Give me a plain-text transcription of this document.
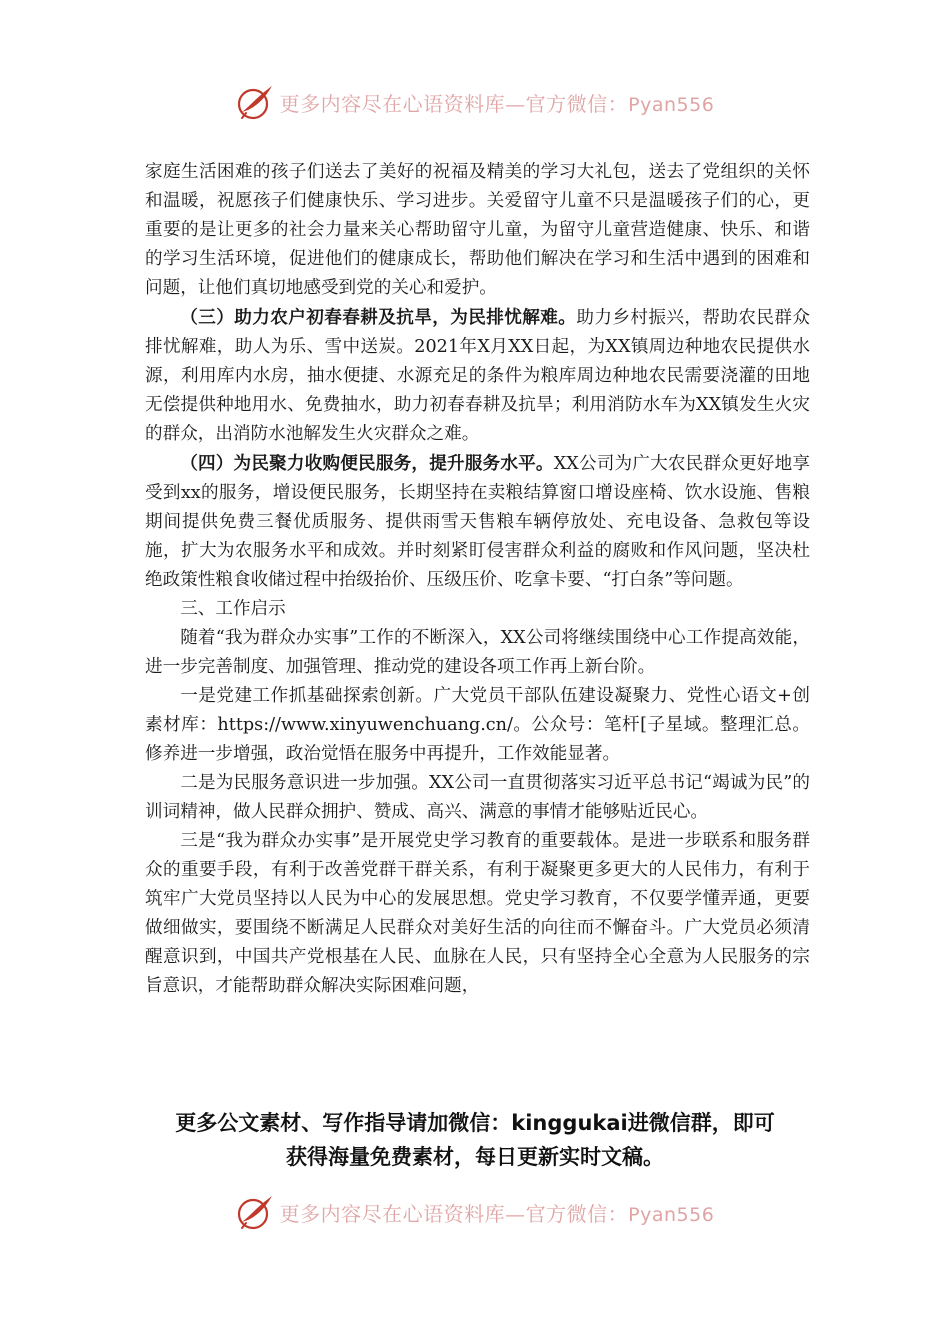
更多内容尽在心语资料库—官方微信：Pyan556

家庭生活困难的孩子们送去了美好的祝福及精美的学习大礼包，送去了党组织的关怀和温暖，祝愿孩子们健康快乐、学习进步。关爱留守儿童不只是温暖孩子们的心，更重要的是让更多的社会力量来关心帮助留守儿童，为留守儿童营造健康、快乐、和谐的学习生活环境，促进他们的健康成长，帮助他们解决在学习和生活中遇到的困难和问题，让他们真切地感受到党的关心和爱护。

（三）助力农户初春春耕及抗旱，为民排忧解难。助力乡村振兴，帮助农民群众排忧解难，助人为乐、雪中送炭。2021年X月XX日起，为XX镇周边种地农民提供水源，利用库内水房，抽水便捷、水源充足的条件为粮库周边种地农民需要浇灌的田地无偿提供种地用水、免费抽水，助力初春春耕及抗旱；利用消防水车为XX镇发生火灾的群众，出消防水池解发生火灾群众之难。

（四）为民聚力收购便民服务，提升服务水平。XX公司为广大农民群众更好地享受到xx的服务，增设便民服务，长期坚持在卖粮结算窗口增设座椅、饮水设施、售粮期间提供免费三餐优质服务、提供雨雪天售粮车辆停放处、充电设备、急救包等设施，扩大为农服务水平和成效。并时刻紧盯侵害群众利益的腐败和作风问题，坚决杜绝政策性粮食收储过程中抬级抬价、压级压价、吃拿卡要、“打白条”等问题。

三、工作启示

随着“我为群众办实事”工作的不断深入，XX公司将继续围绕中心工作提高效能，进一步完善制度、加强管理、推动党的建设各项工作再上新台阶。

一是党建工作抓基础探索创新。广大党员干部队伍建设凝聚力、党性心语文+创素材库：https://www.xinyuwenchuang.cn/。公众号：笔杆[子星域。整理汇总。修养进一步增强，政治觉悟在服务中再提升，工作效能显著。

二是为民服务意识进一步加强。XX公司一直贯彻落实习近平总书记“竭诚为民”的训词精神，做人民群众拥护、赞成、高兴、满意的事情才能够贴近民心。

三是“我为群众办实事”是开展党史学习教育的重要载体。是进一步联系和服务群众的重要手段，有利于改善党群干群关系，有利于凝聚更多更大的人民伟力，有利于筑牢广大党员坚持以人民为中心的发展思想。党史学习教育，不仅要学懂弄通，更要做细做实，要围绕不断满足人民群众对美好生活的向往而不懈奋斗。广大党员必须清醒意识到，中国共产党根基在人民、血脉在人民，只有坚持全心全意为人民服务的宗旨意识，才能帮助群众解决实际困难问题，

更多公文素材、写作指导请加微信：kinggukai进微信群，即可
获得海量免费素材，每日更新实时文稿。
更多内容尽在心语资料库—官方微信：Pyan556
